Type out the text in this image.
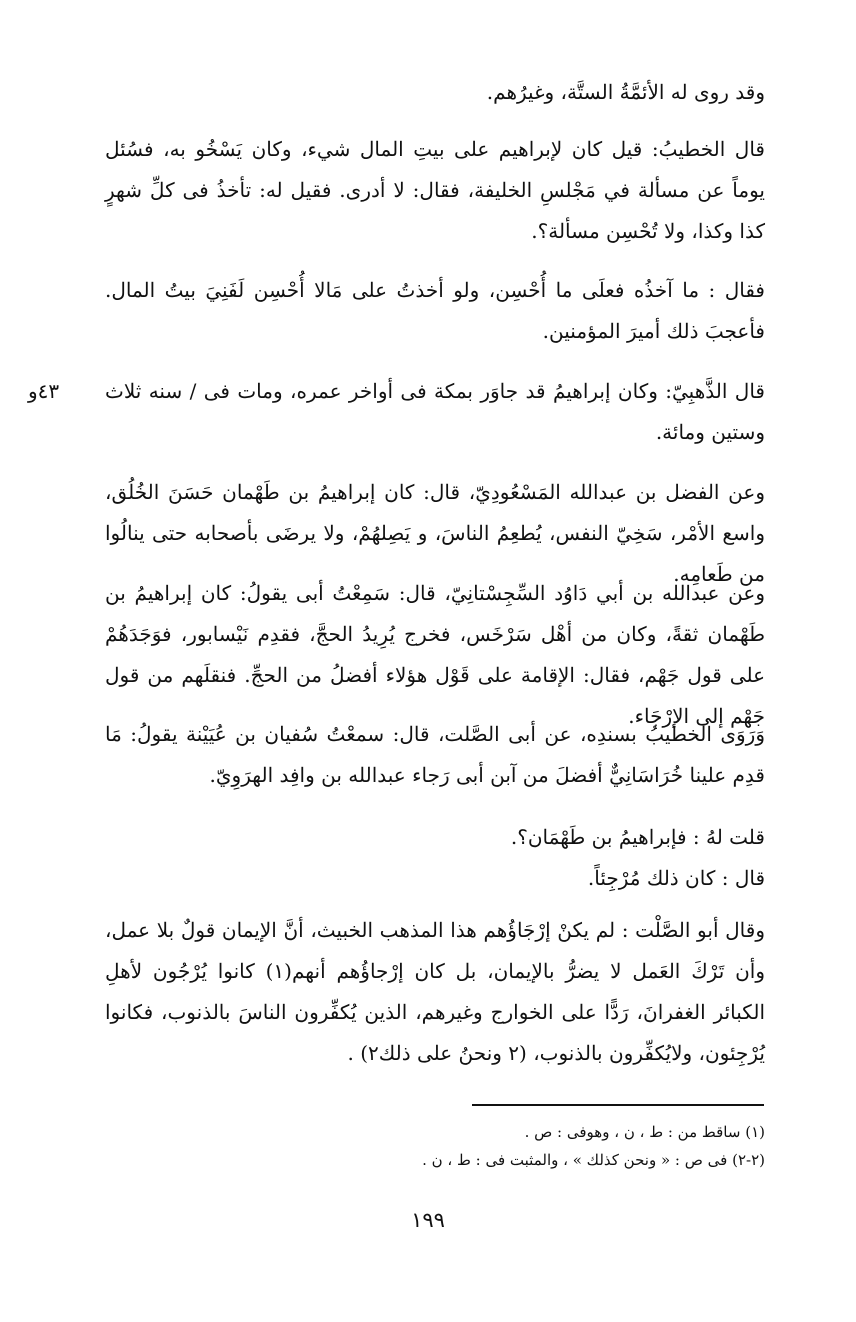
وقد روى له الأئمَّةُ الستَّة، وغيرُهم.
قال الخطيبُ: قيل كان لإبراهيم على بيتِ المال شيء، وكان يَسْخُو به، فسُئل يوماً عن مسألة في مَجْلسِ الخليفة، فقال: لا أدرى. فقيل له: تأخذُ فى كلِّ شهرٍ كذا وكذا، ولا تُحْسِن مسألة؟.
فقال : ما آخذُه فعلَى ما أُحْسِن، ولو أخذتُ على مَالا أُحْسِن لَفَنِيَ بيتُ المال. فأعجبَ ذلك أميرَ المؤمنين.
٤٣و قال الذَّهبِيّ: وكان إبراهيمُ قد جاوَر بمكة فى أواخر عمره، ومات فى / سنه ثلاث وستين ومائة.
وعن الفضل بن عبدالله المَسْعُودِيّ، قال: كان إبراهيمُ بن طَهْمان حَسَنَ الخُلُق، واسع الأمْر، سَخِيّ النفس، يُطعِمُ الناسَ، و يَصِلهُمْ، ولا يرضَى بأصحابه حتى ينالُوا من طَعامِه.
وعن عبدالله بن أبي دَاوُد السِّجِسْتانِيّ، قال: سَمِعْتُ أبى يقولُ: كان إبراهيمُ بن طَهْمان ثقةً، وكان من أهْل سَرْخَس، فخرج يُرِيدُ الحجَّ، فقدِم نَيْسابور، فوَجَدَهُمْ على قول جَهْم، فقال: الإقامة على قَوْل هؤلاء أفضلُ من الحجِّ. فنقلَهم من قول جَهْم إلى الإرْجَاء.
وَرَوَى الخطيبُ بسندِه، عن أبى الصَّلت، قال: سمعْتُ سُفيان بن عُيَيْنة يقولُ: مَا قدِم علينا خُرَاسَانِيٌّ أفضلَ من آبن أبى رَجاء عبدالله بن وافِد الهرَوِيّ.
قلت لهُ : فإبراهيمُ بن طَهْمَان؟.
قال : كان ذلك مُرْجِئاً.
وقال أبو الصَّلْت : لم يكنْ إرْجَاؤُهم هذا المذهب الخبيث، أنَّ الإيمان قولٌ بلا عمل، وأن تَرْكَ العَمل لا يضرُّ بالإيمان، بل كان إرْجاؤُهم أنهم(١) كانوا يُرْجُون لأهلِ الكبائر الغفرانَ، رَدًّا على الخوارج وغيرهم، الذين يُكفِّرون الناسَ بالذنوب، فكانوا يُرْجِئون، ولايُكفِّرون بالذنوب، (٢ ونحنُ على ذلك٢) .
(١) ساقط من : ط ، ن ، وهوفى : ص .
(٢-٢) فى ص : « ونحن كذلك » ، والمثبت فى : ط ، ن .
١٩٩
